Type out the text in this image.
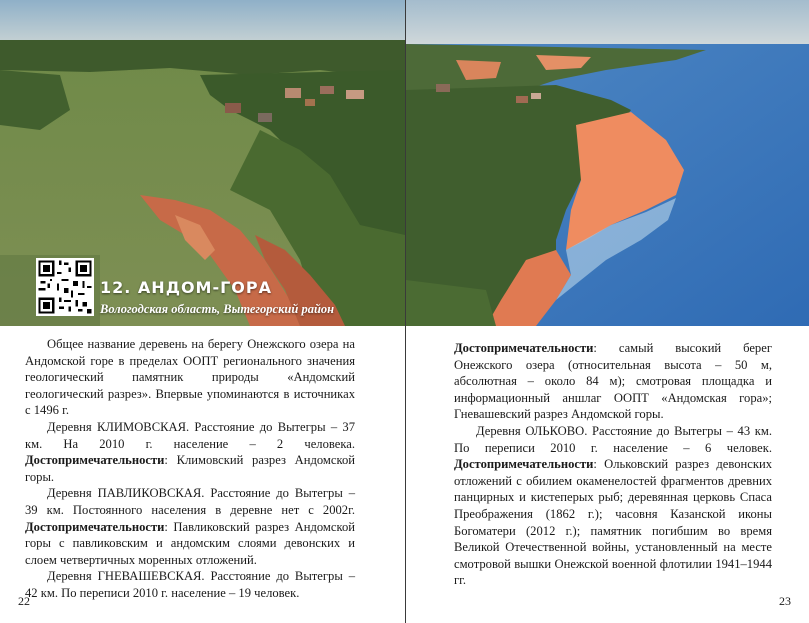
12. АНДОМ-ГОРА
Вологодская область, Вытегорский район

Общее название деревень на берегу Онежского озера на Андомской горе в пределах ООПТ регионального значения геологический памятник природы «Андомский геологический разрез». Впервые упоминаются в источниках с 1496 г.

Деревня КЛИМОВСКАЯ. Расстояние до Вытегры – 37 км. На 2010 г. население – 2 человека. Достопримечательности: Климовский разрез Андомской горы.

Деревня ПАВЛИКОВСКАЯ. Расстояние до Вытегры – 39 км. Постоянного населения в деревне нет с 2002г. Достопримечательности: Павликовский разрез Андомской горы с павликовским и андомским слоями девонских и слоем четвертичных моренных отложений.

Деревня ГНЕВАШЕВСКАЯ. Расстояние до Вытегры – 42 км. По переписи 2010 г. население – 19 человек.

22

Достопримечательности: самый высокий берег Онежского озера (относительная высота – 50 м, абсолютная – около 84 м); смотровая площадка и информационный аншлаг ООПТ «Андомская гора»; Гневашевский разрез Андомской горы.

Деревня ОЛЬКОВО. Расстояние до Вытегры – 43 км. По переписи 2010 г. население – 6 человек. Достопримечательности: Ольковский разрез девонских отложений с обилием окаменелостей фрагментов древних панцирных и кистеперых рыб; деревянная церковь Спаса Преображения (1862 г.); часовня Казанской иконы Богоматери (2012 г.); памятник погибшим во время Великой Отечественной войны, установленный на месте смотровой вышки Онежской военной флотилии 1941–1944 гг.

23
